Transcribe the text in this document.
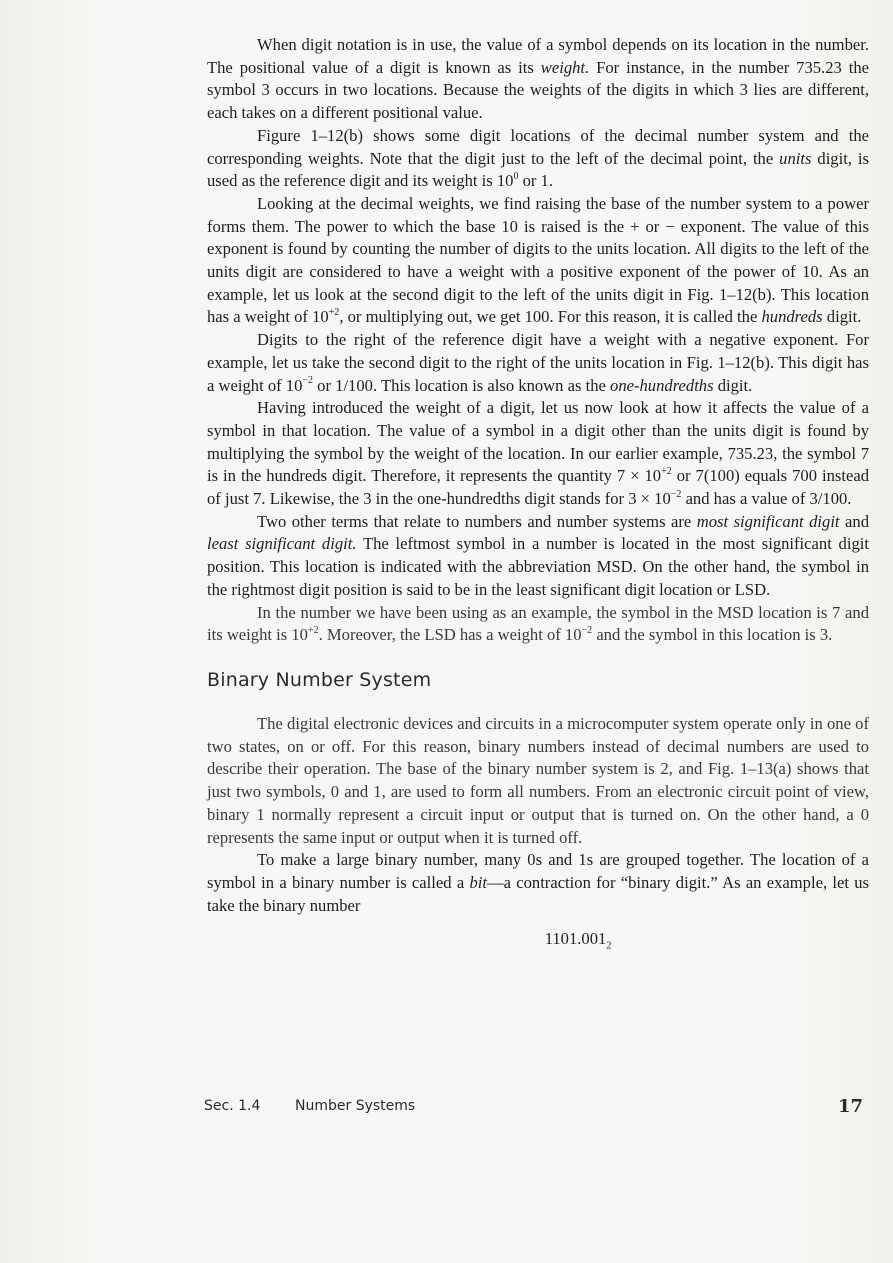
When digit notation is in use, the value of a symbol depends on its location in the number. The positional value of a digit is known as its weight. For instance, in the number 735.23 the symbol 3 occurs in two locations. Because the weights of the digits in which 3 lies are different, each takes on a different positional value.

Figure 1–12(b) shows some digit locations of the decimal number system and the corresponding weights. Note that the digit just to the left of the decimal point, the units digit, is used as the reference digit and its weight is $10^0$ or 1.

Looking at the decimal weights, we find raising the base of the number system to a power forms them. The power to which the base 10 is raised is the + or − exponent. The value of this exponent is found by counting the number of digits to the units location. All digits to the left of the units digit are considered to have a weight with a positive exponent of the power of 10. As an example, let us look at the second digit to the left of the units digit in Fig. 1–12(b). This location has a weight of $10^{+2}$, or multiplying out, we get 100. For this reason, it is called the hundreds digit.

Digits to the right of the reference digit have a weight with a negative exponent. For example, let us take the second digit to the right of the units location in Fig. 1–12(b). This digit has a weight of $10^{-2}$ or 1/100. This location is also known as the one-hundredths digit.

Having introduced the weight of a digit, let us now look at how it affects the value of a symbol in that location. The value of a symbol in a digit other than the units digit is found by multiplying the symbol by the weight of the location. In our earlier example, 735.23, the symbol 7 is in the hundreds digit. Therefore, it represents the quantity $7 \times 10^{+2}$ or 7(100) equals 700 instead of just 7. Likewise, the 3 in the one-hundredths digit stands for $3 \times 10^{-2}$ and has a value of 3/100.

Two other terms that relate to numbers and number systems are most significant digit and least significant digit. The leftmost symbol in a number is located in the most significant digit position. This location is indicated with the abbreviation MSD. On the other hand, the symbol in the rightmost digit position is said to be in the least significant digit location or LSD.

In the number we have been using as an example, the symbol in the MSD location is 7 and its weight is $10^{+2}$. Moreover, the LSD has a weight of $10^{-2}$ and the symbol in this location is 3.

Binary Number System

The digital electronic devices and circuits in a microcomputer system operate only in one of two states, on or off. For this reason, binary numbers instead of decimal numbers are used to describe their operation. The base of the binary number system is 2, and Fig. 1–13(a) shows that just two symbols, 0 and 1, are used to form all numbers. From an electronic circuit point of view, binary 1 normally represent a circuit input or output that is turned on. On the other hand, a 0 represents the same input or output when it is turned off.

To make a large binary number, many 0s and 1s are grouped together. The location of a symbol in a binary number is called a bit—a contraction for “binary digit.” As an example, let us take the binary number

$1101.001_2$

Sec. 1.4 Number Systems	17
